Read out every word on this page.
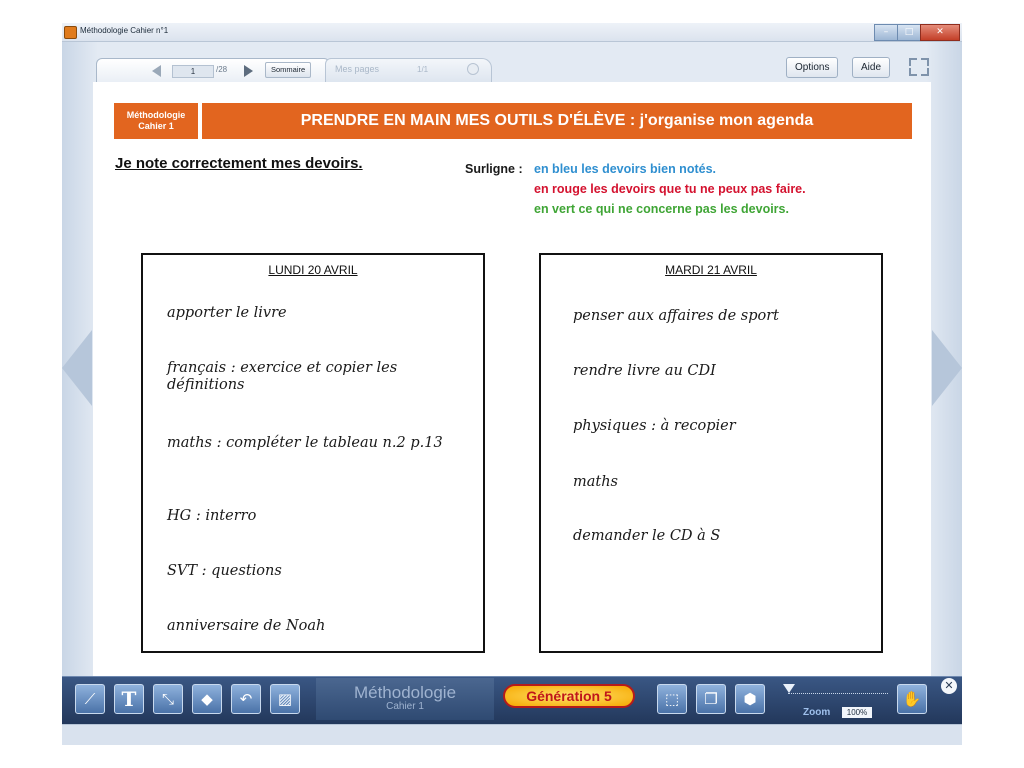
Méthodologie Cahier n°1	–	□	✕
1	/28	Sommaire	Mes pages	1/1	Options	Aide
Méthodologie
Cahier 1	PRENDRE EN MAIN MES OUTILS D'ÉLÈVE : j'organise mon agenda
Je note correctement mes devoirs.	Surligne : en bleu les devoirs bien notés.
en rouge les devoirs que tu ne peux pas faire.
en vert ce qui ne concerne pas les devoirs.
LUNDI 20 AVRIL
apporter le livre
français : exercice et copier les définitions
maths : compléter le tableau n.2 p.13
HG : interro
SVT : questions
anniversaire de Noah
MARDI 21 AVRIL
penser aux affaires de sport
rendre livre au CDI
physiques : à recopier
maths
demander le CD à S
⟋	T	⤡	◆	↶	▨	Méthodologie
Cahier 1
Génération 5	⬚	❐	⬢
Zoom	100%
✋
✕
